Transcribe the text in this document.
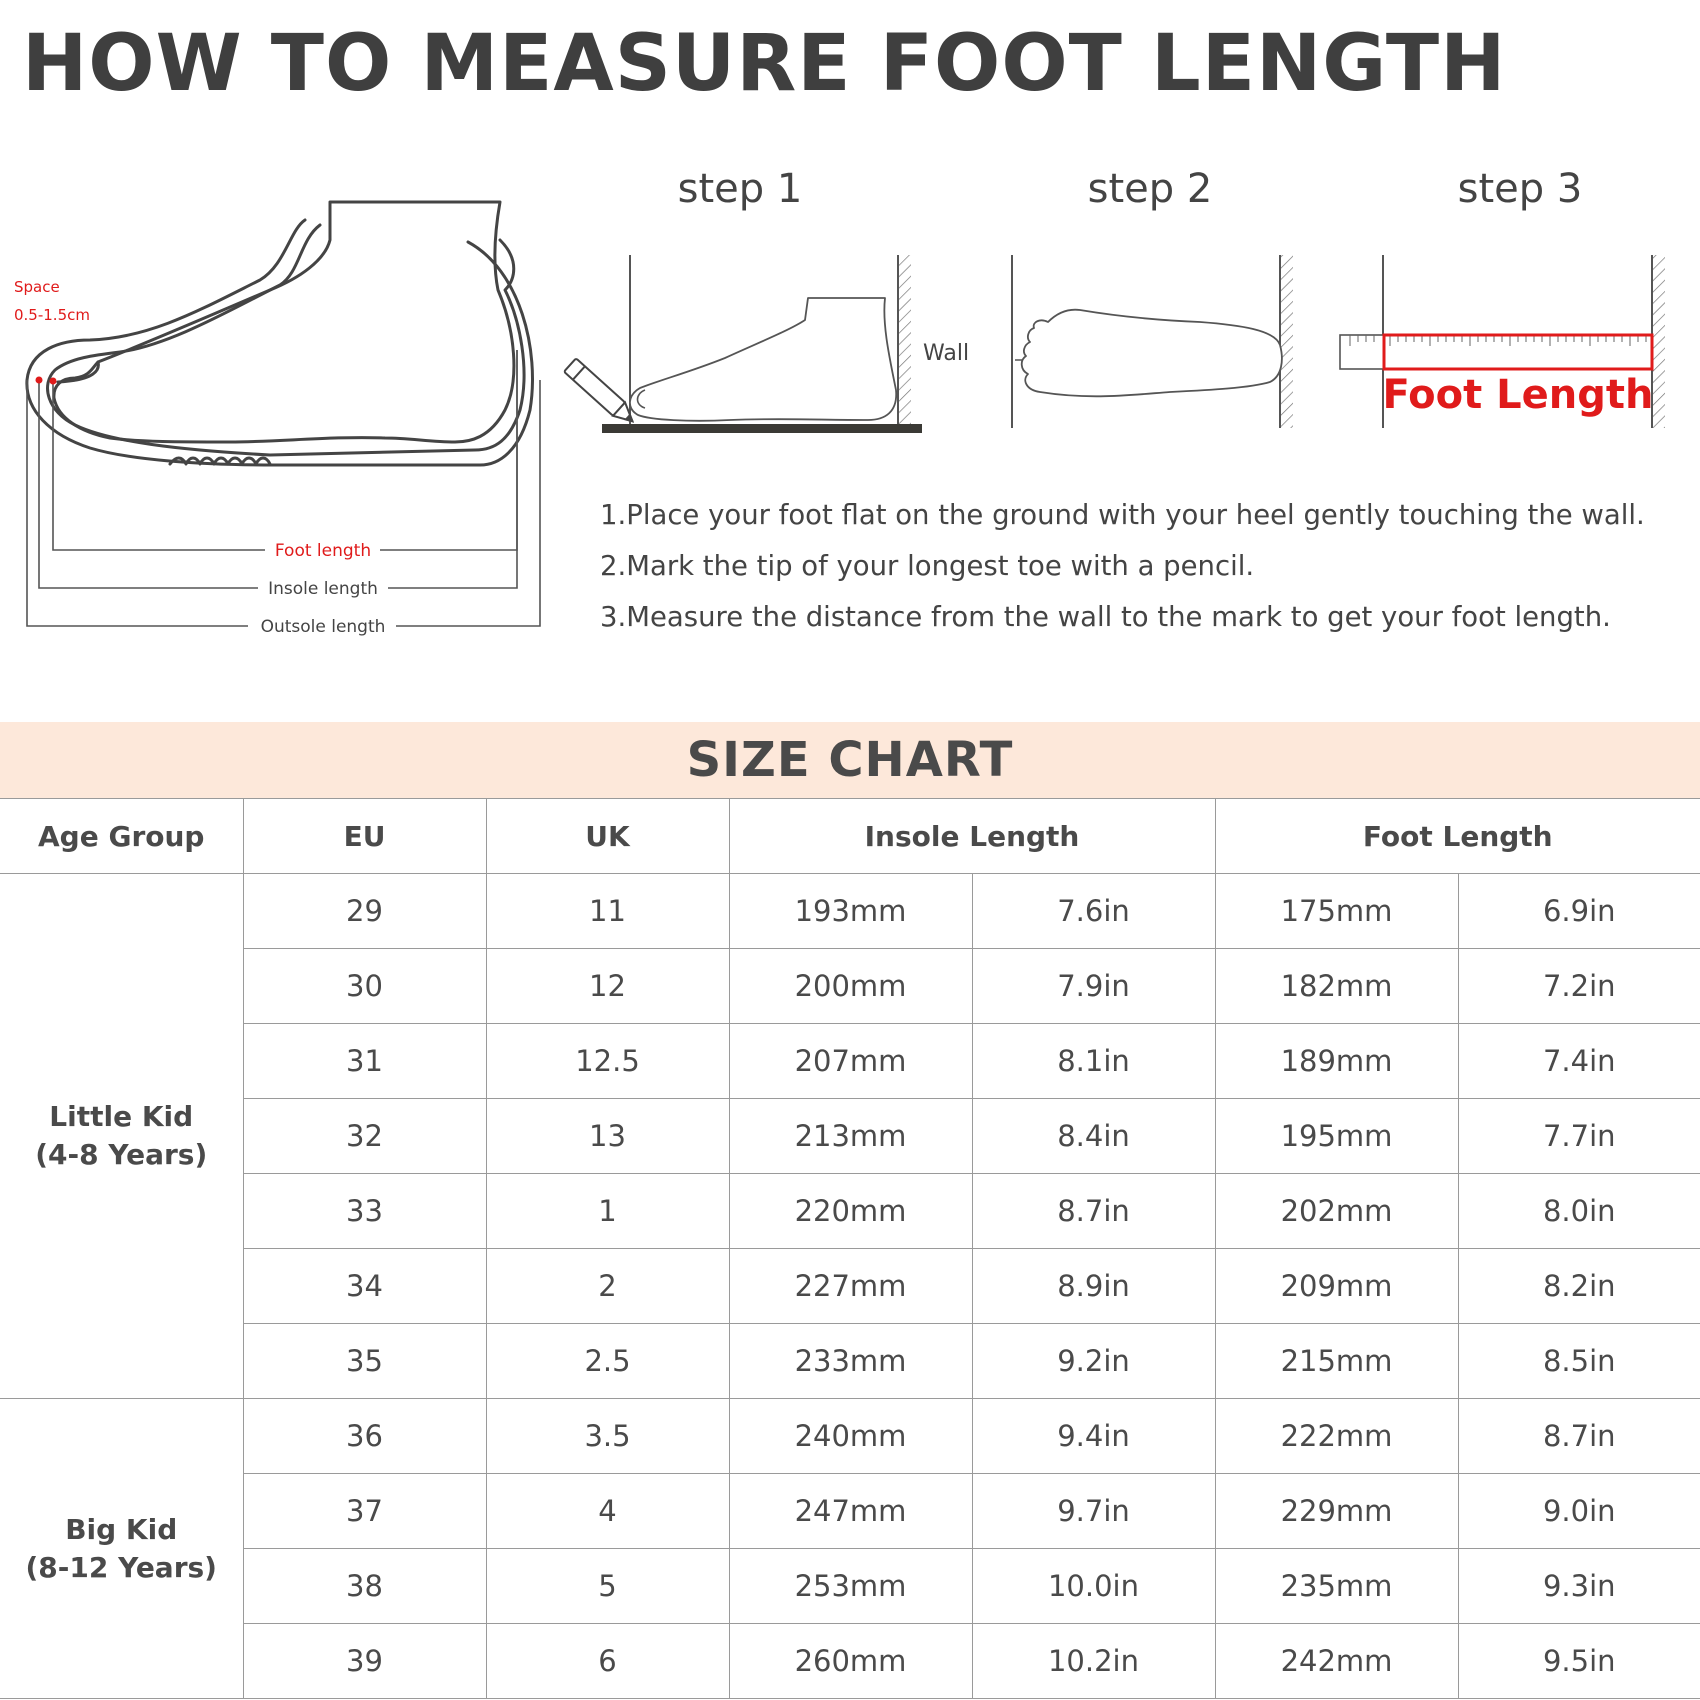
HOW TO MEASURE FOOT LENGTH
Space
0.5-1.5cm
Foot length
Insole length
Outsole length
step 1	step 2	step 3
Wall
Foot Length
1.Place your foot flat on the ground with your heel gently touching the wall.
2.Mark the tip of your longest toe with a pencil.
3.Measure the distance from the wall to the mark to get your foot length.
SIZE CHART
Age Group	EU	UK	Insole Length		Foot Length	

Little Kid
(4-8 Years)	29	11	193mm	7.6in	175mm	6.9in
	30	12	200mm	7.9in	182mm	7.2in
	31	12.5	207mm	8.1in	189mm	7.4in
	32	13	213mm	8.4in	195mm	7.7in
	33	1	220mm	8.7in	202mm	8.0in
	34	2	227mm	8.9in	209mm	8.2in
	35	2.5	233mm	9.2in	215mm	8.5in

Big Kid
(8-12 Years)	36	3.5	240mm	9.4in	222mm	8.7in
	37	4	247mm	9.7in	229mm	9.0in
	38	5	253mm	10.0in	235mm	9.3in
	39	6	260mm	10.2in	242mm	9.5in
